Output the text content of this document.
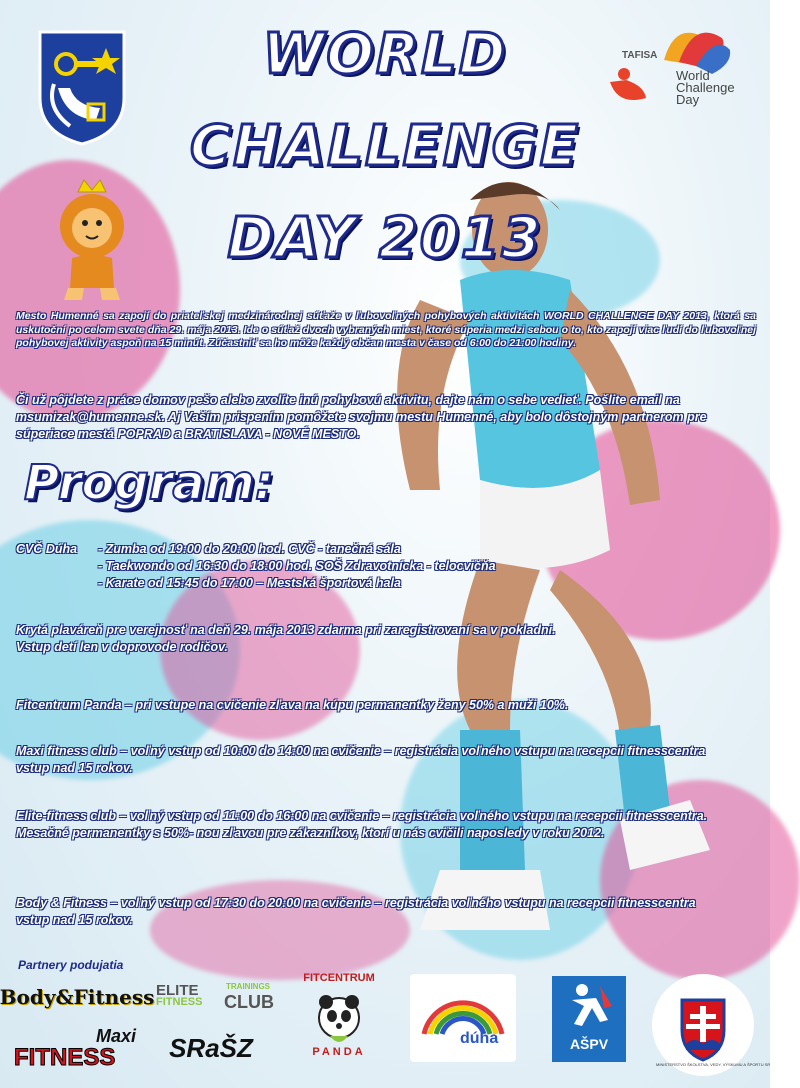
TAFISA
World
Challenge
Day
WORLD
CHALLENGE
DAY 2013
Mesto Humenné sa zapojí do priateľskej medzinárodnej súťaže v ľubovoľných pohybových aktivitách WORLD CHALLENGE DAY 2013, ktorá sa uskutoční po celom svete dňa 29. mája 2013. Ide o súťaž dvoch vybraných miest, ktoré súperia medzi sebou o to, kto zapojí viac ľudí do ľubovoľnej pohybovej aktivity aspoň na 15 minút. Zúčastniť sa ho môže každý občan mesta v čase od 6:00 do 21:00 hodiny.
Či už pôjdete z práce domov pešo alebo zvolíte inú pohybovú aktivitu, dajte nám o sebe vedieť. Pošlite email na msumizak@humenne.sk. Aj Vaším prispením pomôžete svojmu mestu Humenné, aby bolo dôstojným partnerom pre súperiace mestá POPRAD a BRATISLAVA - NOVÉ MESTO.
Program:
CVČ Dúha - Zumba od 19:00 do 20:00 hod. CVČ - tanečná sála
- Taekwondo od 16:30 do 18:00 hod. SOŠ Zdravotnícka - telocvičňa
- Karate od 15:45 do 17:00 – Mestská športová hala
Krytá plaváreň pre verejnosť na deň 29. mája 2013 zdarma pri zaregistrovaní sa v pokladni.
Vstup detí len v doprovode rodičov.
Fitcentrum Panda – pri vstupe na cvičenie zľava na kúpu permanentky ženy 50% a muži 10%.
Maxi fitness club – voľný vstup od 10:00 do 14:00 na cvičenie – registrácia voľného vstupu na recepcii fitnesscentra vstup nad 15 rokov.
Elite-fitness club – voľný vstup od 11:00 do 16:00 na cvičenie – registrácia voľného vstupu na recepcii fitnesscentra. Mesačné permanentky s 50%- nou zľavou pre zákazníkov, ktorí u nás cvičili naposledy v roku 2012.
Body & Fitness – voľný vstup od 17:30 do 20:00 na cvičenie – registrácia voľného vstupu na recepcii fitnesscentra vstup nad 15 rokov.
Partnery podujatia
Body&Fitness
Maxi
FITNESS
ELITE	TRAININGS
FITNESS CLUB
SRaŠZ
FITCENTRUM
PANDA
dúha	AŠPV
MINISTERSTVO ŠKOLSTVA, VEDY, VÝSKUMU A ŠPORTU SR
